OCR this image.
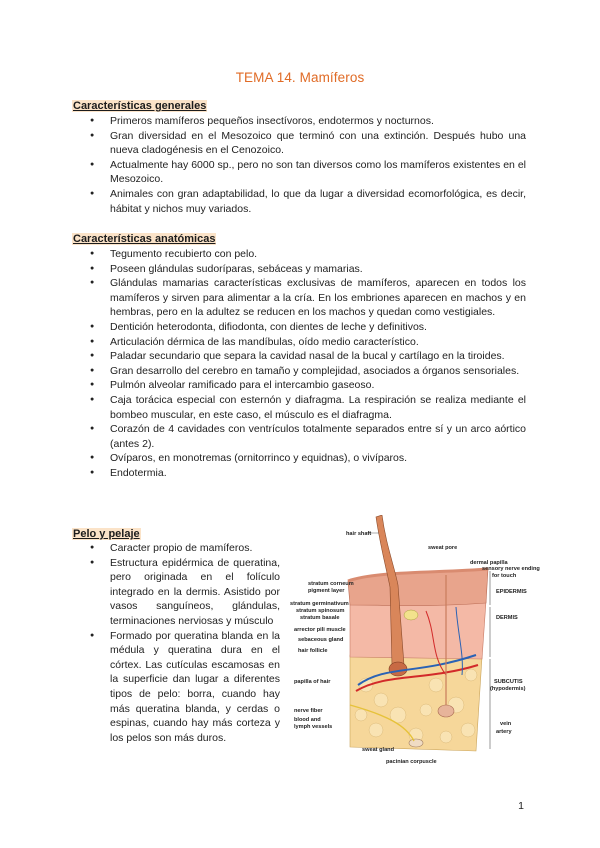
TEMA 14. Mamíferos
Características generales
● Primeros mamíferos pequeños insectívoros, endotermos y nocturnos.
● Gran diversidad en el Mesozoico que terminó con una extinción. Después hubo una nueva cladogénesis en el Cenozoico.
● Actualmente hay 6000 sp., pero no son tan diversos como los mamíferos existentes en el Mesozoico.
● Animales con gran adaptabilidad, lo que da lugar a diversidad ecomorfológica, es decir, hábitat y nichos muy variados.
Características anatómicas
● Tegumento recubierto con pelo.
● Poseen glándulas sudoríparas, sebáceas y mamarias.
● Glándulas mamarias características exclusivas de mamíferos, aparecen en todos los mamíferos y sirven para alimentar a la cría. En los embriones aparecen en machos y en hembras, pero en la adultez se reducen en los machos y quedan como vestigiales.
● Dentición heterodonta, difiodonta, con dientes de leche y definitivos.
● Articulación dérmica de las mandíbulas, oído medio característico.
● Paladar secundario que separa la cavidad nasal de la bucal y cartílago en la tiroides.
● Gran desarrollo del cerebro en tamaño y complejidad, asociados a órganos sensoriales.
● Pulmón alveolar ramificado para el intercambio gaseoso.
● Caja torácica especial con esternón y diafragma. La respiración se realiza mediante el bombeo muscular, en este caso, el músculo es el diafragma.
● Corazón de 4 cavidades con ventrículos totalmente separados entre sí y un arco aórtico (antes 2).
● Ovíparos, en monotremas (ornitorrinco y equidnas), o vivíparos.
● Endotermia.
Pelo y pelaje
● Caracter propio de mamíferos.
● Estructura epidérmica de queratina, pero originada en el folículo integrado en la dermis. Asistido por vasos sanguíneos, glándulas, terminaciones nerviosas y músculo
● Formado por queratina blanda en la médula y queratina dura en el córtex. Las cutículas escamosas en la superficie dan lugar a diferentes tipos de pelo: borra, cuando hay más queratina blanda, y cerdas o espinas, cuando hay más corteza y los pelos son más duros.
hair shaft
stratum corneum
pigment layer
stratum germinativum
stratum spinosum
stratum basale
arrector pili muscle
sebaceous gland
hair follicle
papilla of hair
nerve fiber
blood and
lymph vessels
sweat pore
dermal papilla
sensory nerve ending
for touch
EPIDERMIS
DERMIS
SUBCUTIS
(hypodermis)
vein
artery
sweat gland
pacinian corpuscle
1
